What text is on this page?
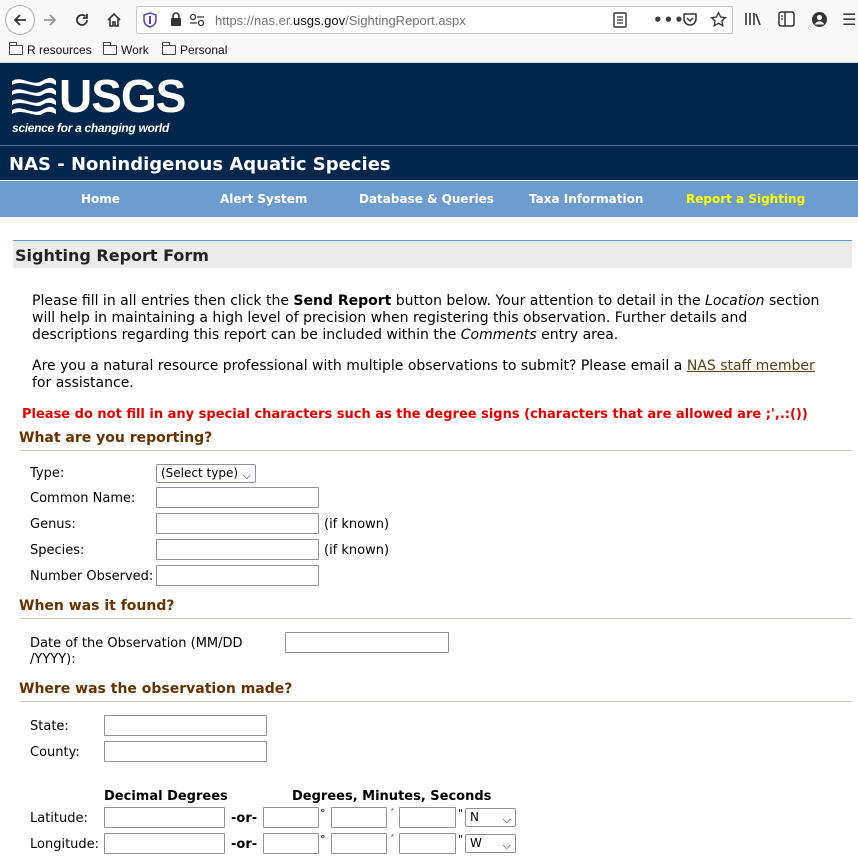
https://nas.er.usgs.gov/SightingReport.aspx	•••	☰
R resources Work	Personal
USGS
science for a changing world
NAS - Nonindigenous Aquatic Species
Home	Alert System	Database & Queries	Taxa Information	Report a Sighting
Sighting Report Form
Please fill in all entries then click the Send Report button below. Your attention to detail in the Location section will help in maintaining a high level of precision when registering this observation. Further details and descriptions regarding this report can be included within the Comments entry area.
Are you a natural resource professional with multiple observations to submit? Please email a NAS staff member
for assistance.
Please do not fill in any special characters such as the degree signs (characters that are allowed are ;',.:())
What are you reporting?
Type:	(Select type) ⌵
Common Name:
Genus:	(if known)
Species:	(if known)
Number Observed:
When was it found?
Date of the Observation (MM/DD
/YYYY):
Where was the observation made?
State:
County:
Decimal Degrees	Degrees, Minutes, Seconds
Latitude:	-or-	°	´	" N ⌵
Longitude:	-or-	°	´	" W ⌵
